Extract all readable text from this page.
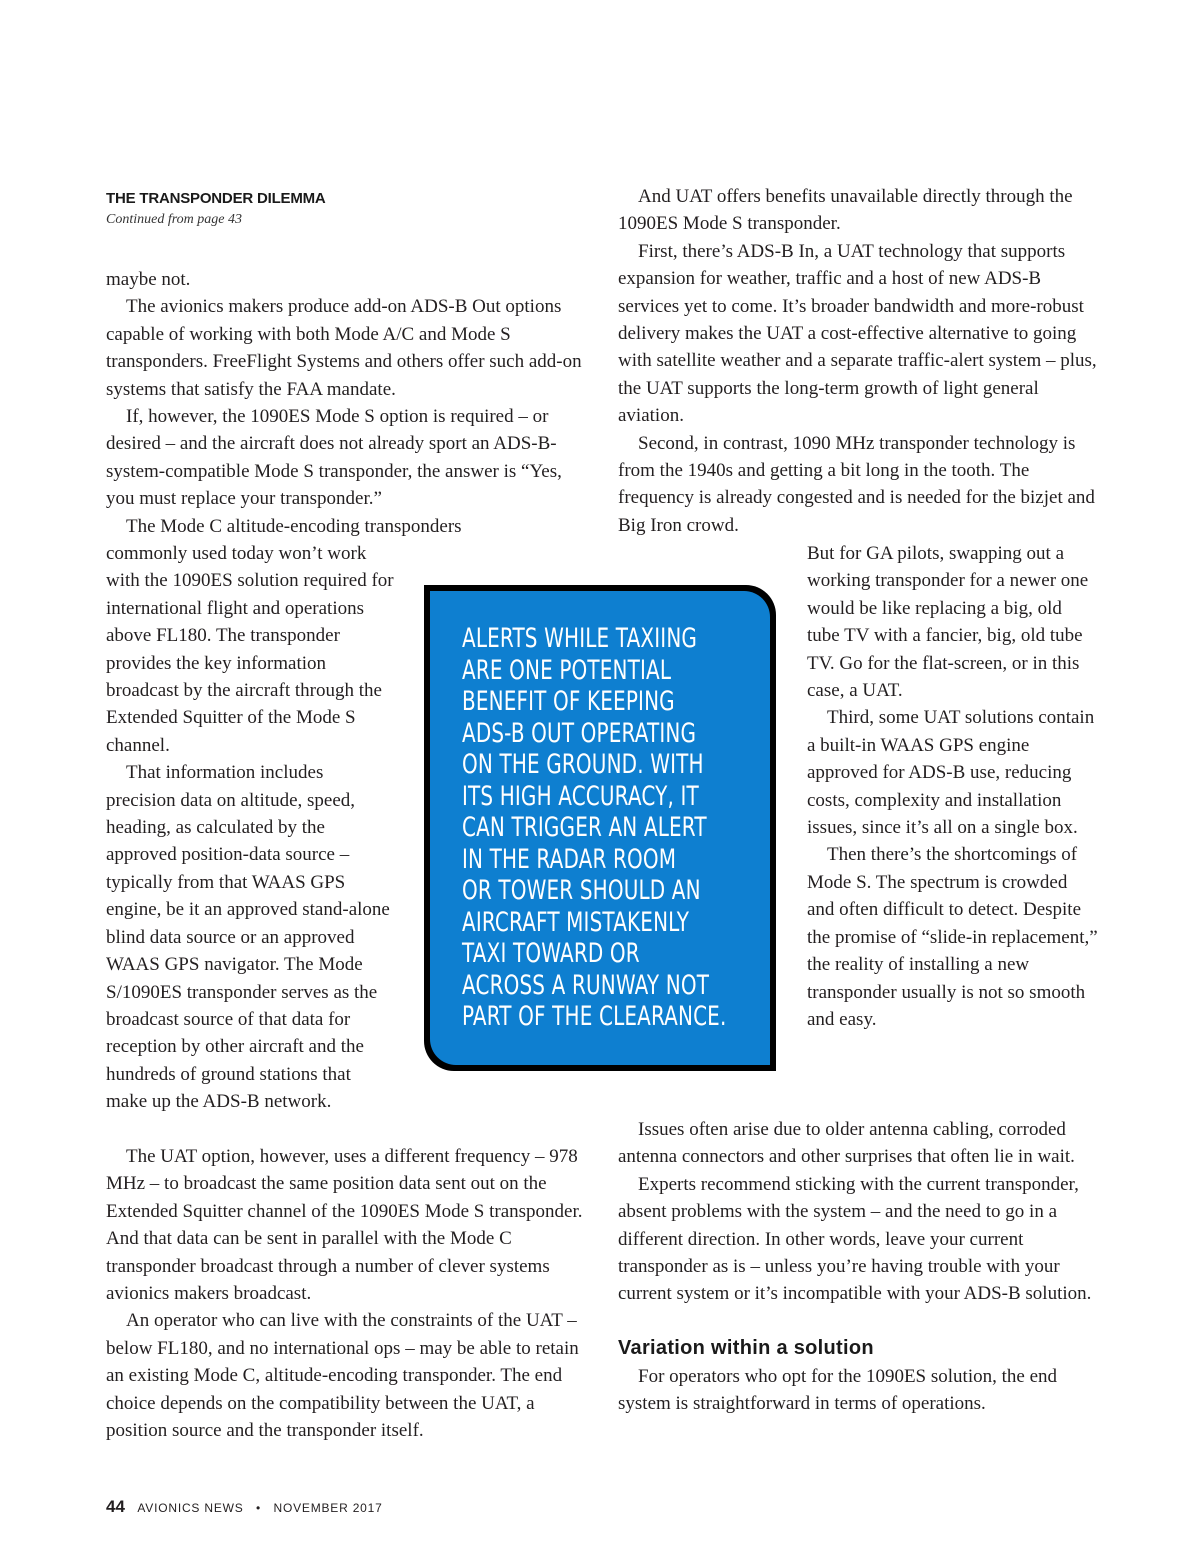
THE TRANSPONDER DILEMMA
Continued from page 43

maybe not.

The avionics makers produce add-on ADS-B Out options capable of working with both Mode A/C and Mode S transponders. FreeFlight Systems and others offer such add-on systems that satisfy the FAA mandate.

If, however, the 1090ES Mode S option is required – or desired – and the aircraft does not already sport an ADS-B-system-compatible Mode S transponder, the answer is “Yes, you must replace your transponder.”

The Mode C altitude-encoding transponders

commonly used today won’t work with the 1090ES solution required for international flight and operations above FL180. The transponder provides the key information broadcast by the aircraft through the Extended Squitter of the Mode S channel.

That information includes precision data on altitude, speed, heading, as calculated by the approved position-data source – typically from that WAAS GPS engine, be it an approved stand-alone blind data source or an approved WAAS GPS navigator. The Mode S/1090ES transponder serves as the broadcast source of that data for reception by other aircraft and the hundreds of ground stations that make up the ADS-B network.

The UAT option, however, uses a different frequency – 978 MHz – to broadcast the same position data sent out on the Extended Squitter channel of the 1090ES Mode S transponder. And that data can be sent in parallel with the Mode C transponder broadcast through a number of clever systems avionics makers broadcast.

An operator who can live with the constraints of the UAT – below FL180, and no international ops – may be able to retain an existing Mode C, altitude-encoding transponder. The end choice depends on the compatibility between the UAT, a position source and the transponder itself.

And UAT offers benefits unavailable directly through the 1090ES Mode S transponder.

First, there’s ADS-B In, a UAT technology that supports expansion for weather, traffic and a host of new ADS-B services yet to come. It’s broader bandwidth and more-robust delivery makes the UAT a cost-effective alternative to going with satellite weather and a separate traffic-alert system – plus, the UAT supports the long-term growth of light general aviation.

Second, in contrast, 1090 MHz transponder technology is from the 1940s and getting a bit long in the tooth. The frequency is already congested and is needed for the bizjet and Big Iron crowd.

But for GA pilots, swapping out a working transponder for a newer one would be like replacing a big, old tube TV with a fancier, big, old tube TV. Go for the flat-screen, or in this case, a UAT.

Third, some UAT solutions contain a built-in WAAS GPS engine approved for ADS-B use, reducing costs, complexity and installation issues, since it’s all on a single box.

Then there’s the shortcomings of Mode S. The spectrum is crowded and often difficult to detect. Despite the promise of “slide-in replacement,” the reality of installing a new transponder usually is not so smooth and easy.

Issues often arise due to older antenna cabling, corroded antenna connectors and other surprises that often lie in wait.

Experts recommend sticking with the current transponder, absent problems with the system – and the need to go in a different direction. In other words, leave your current transponder as is – unless you’re having trouble with your current system or it’s incompatible with your ADS-B solution.

Variation within a solution

For operators who opt for the 1090ES solution, the end system is straightforward in terms of operations.

ALERTS WHILE TAXIING
ARE ONE POTENTIAL
BENEFIT OF KEEPING
ADS-B OUT OPERATING
ON THE GROUND. WITH
ITS HIGH ACCURACY, IT
CAN TRIGGER AN ALERT
IN THE RADAR ROOM
OR TOWER SHOULD AN
AIRCRAFT MISTAKENLY
TAXI TOWARD OR
ACROSS A RUNWAY NOT
PART OF THE CLEARANCE.
44 AVIONICS NEWS • NOVEMBER 2017
